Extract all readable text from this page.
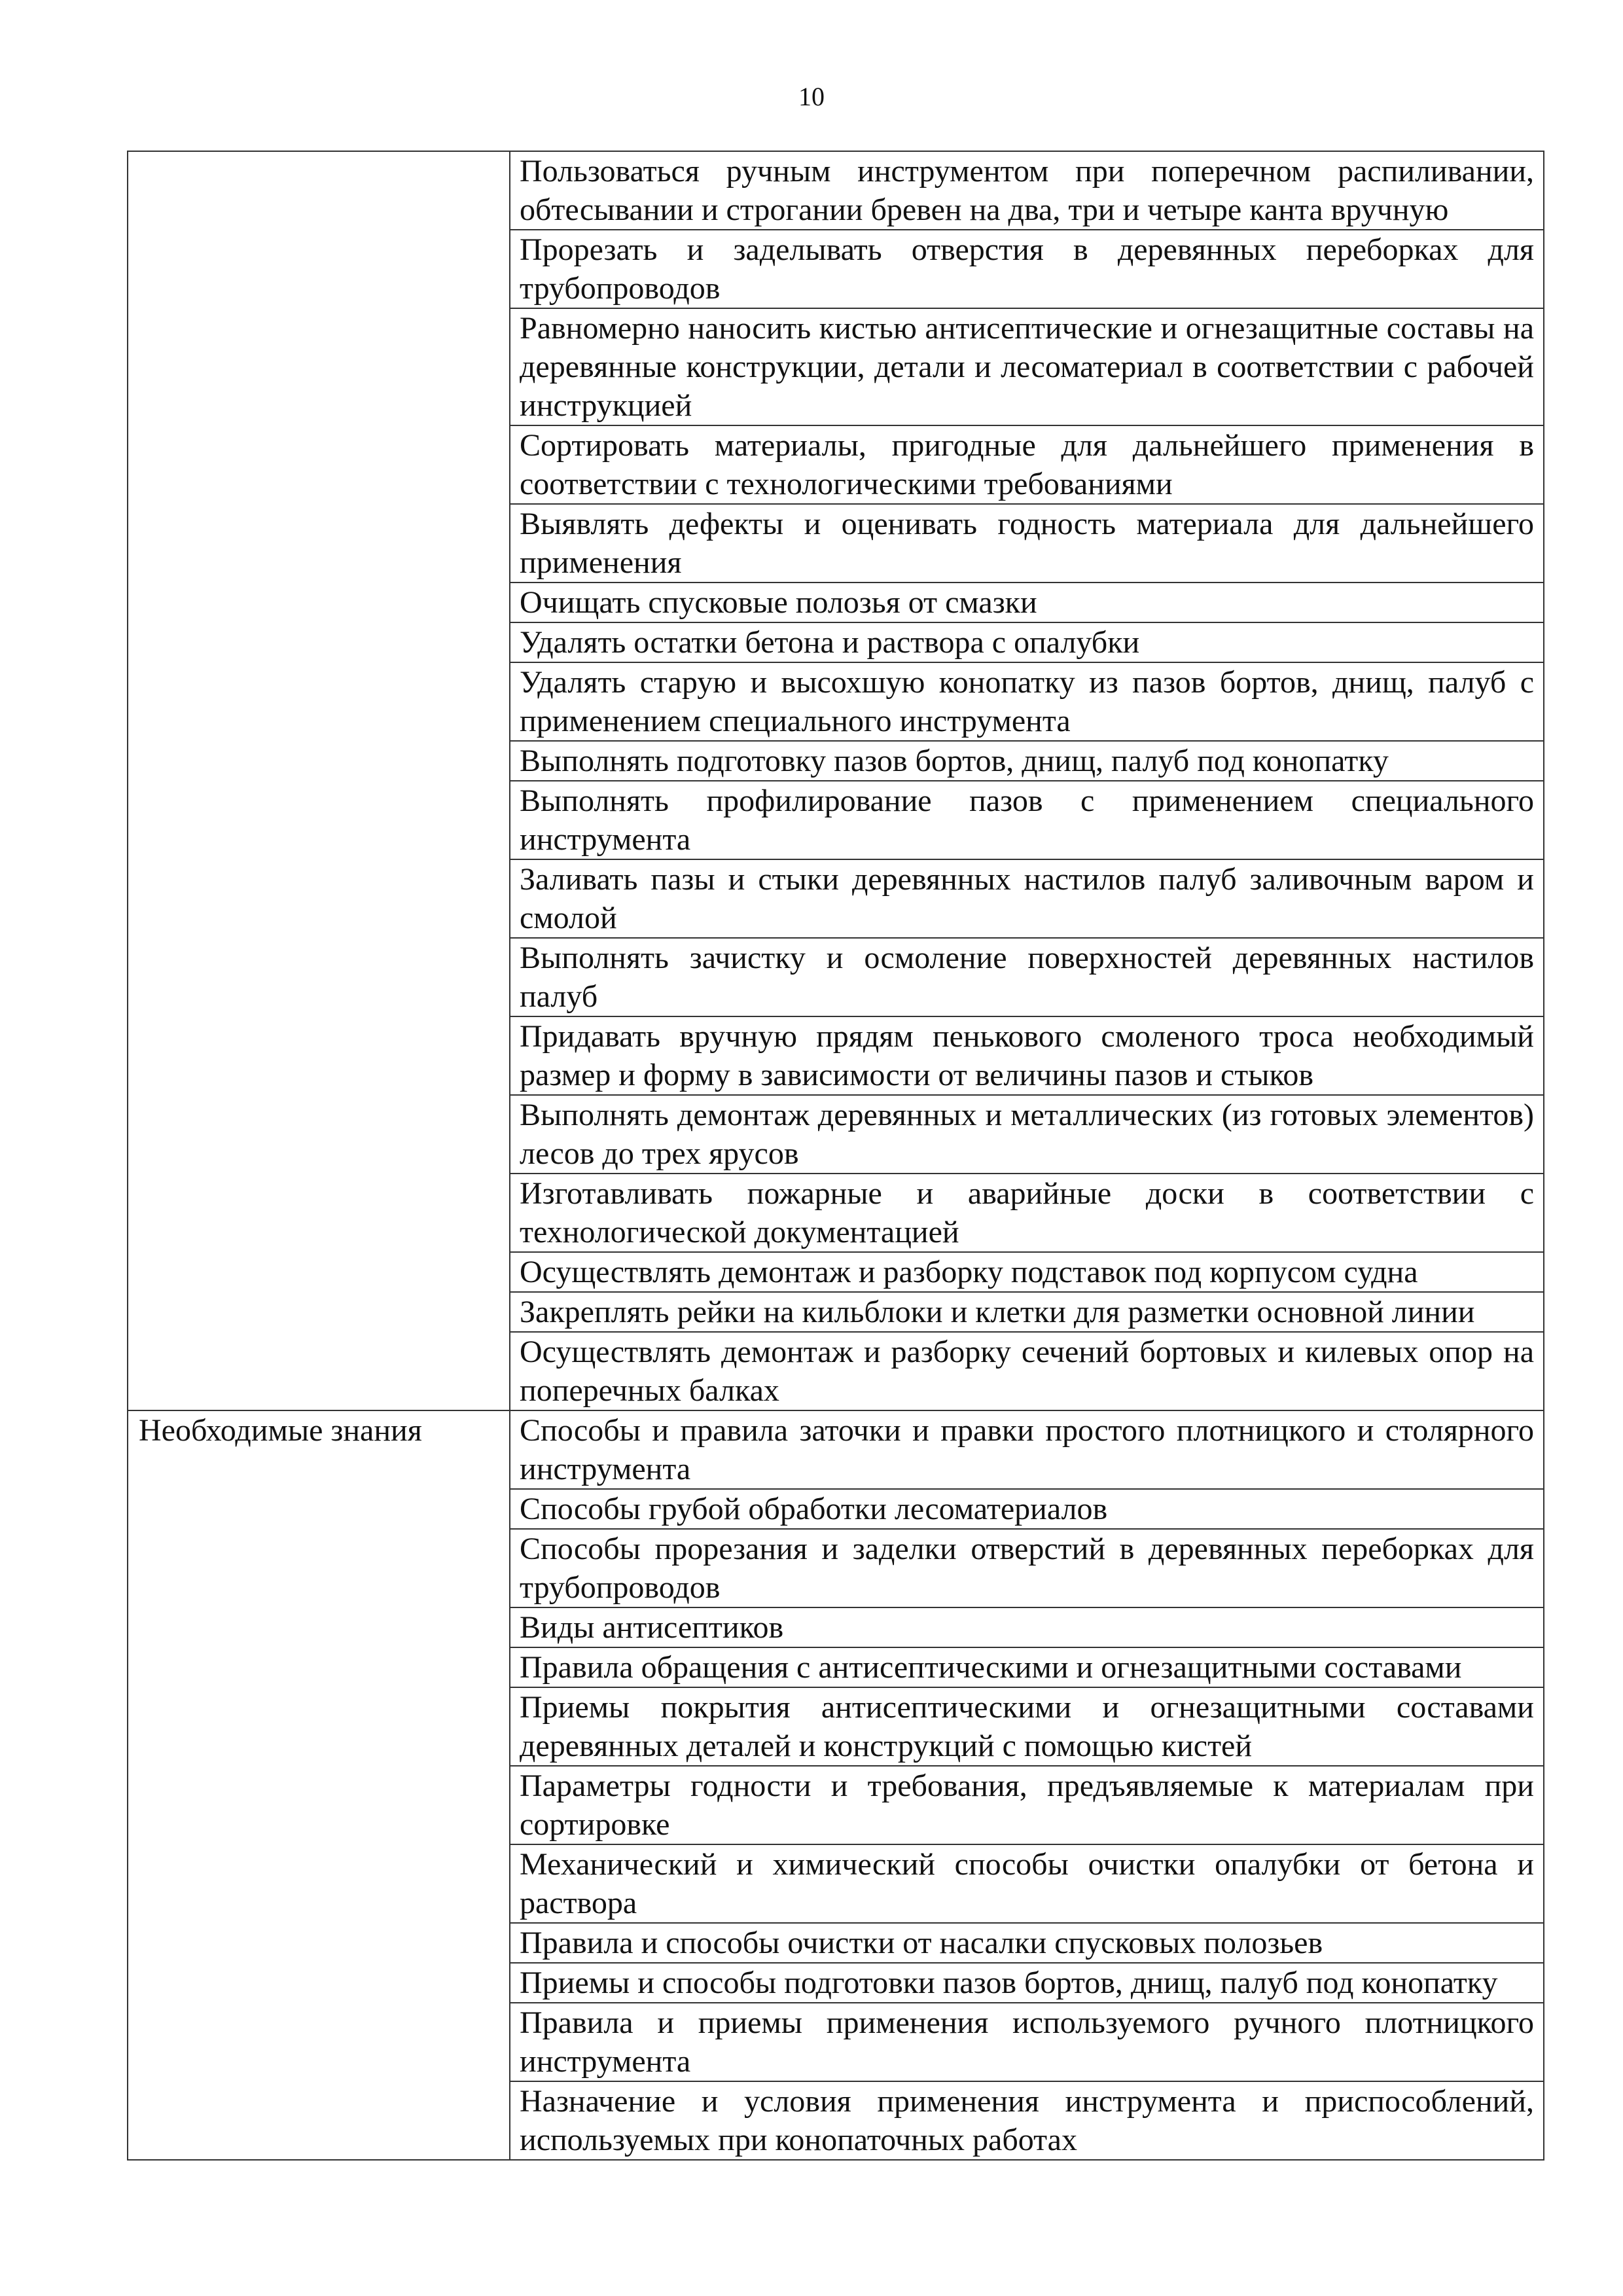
10
	Пользоваться ручным инструментом при поперечном распиливании, обтесывании и строгании бревен на два, три и четыре канта вручную
	Прорезать и заделывать отверстия в деревянных переборках для трубопроводов
	Равномерно наносить кистью антисептические и огнезащитные составы на деревянные конструкции, детали и лесоматериал в соответствии с рабочей инструкцией
	Сортировать материалы, пригодные для дальнейшего применения в соответствии с технологическими требованиями
	Выявлять дефекты и оценивать годность материала для дальнейшего применения
	Очищать спусковые полозья от смазки
	Удалять остатки бетона и раствора с опалубки
	Удалять старую и высохшую конопатку из пазов бортов, днищ, палуб с применением специального инструмента
	Выполнять подготовку пазов бортов, днищ, палуб под конопатку
	Выполнять профилирование пазов с применением специального инструмента
	Заливать пазы и стыки деревянных настилов палуб заливочным варом и смолой
	Выполнять зачистку и осмоление поверхностей деревянных настилов палуб
	Придавать вручную прядям пенькового смоленого троса необходимый размер и форму в зависимости от величины пазов и стыков
	Выполнять демонтаж деревянных и металлических (из готовых элементов) лесов до трех ярусов
	Изготавливать пожарные и аварийные доски в соответствии с технологической документацией
	Осуществлять демонтаж и разборку подставок под корпусом судна
	Закреплять рейки на кильблоки и клетки для разметки основной линии
	Осуществлять демонтаж и разборку сечений бортовых и килевых опор на поперечных балках
Необходимые знания	Способы и правила заточки и правки простого плотницкого и столярного инструмента
	Способы грубой обработки лесоматериалов
	Способы прорезания и заделки отверстий в деревянных переборках для трубопроводов
	Виды антисептиков
	Правила обращения с антисептическими и огнезащитными составами
	Приемы покрытия антисептическими и огнезащитными составами деревянных деталей и конструкций с помощью кистей
	Параметры годности и требования, предъявляемые к материалам при сортировке
	Механический и химический способы очистки опалубки от бетона и раствора
	Правила и способы очистки от насалки спусковых полозьев
	Приемы и способы подготовки пазов бортов, днищ, палуб под конопатку
	Правила и приемы применения используемого ручного плотницкого инструмента
	Назначение и условия применения инструмента и приспособлений, используемых при конопаточных работах
